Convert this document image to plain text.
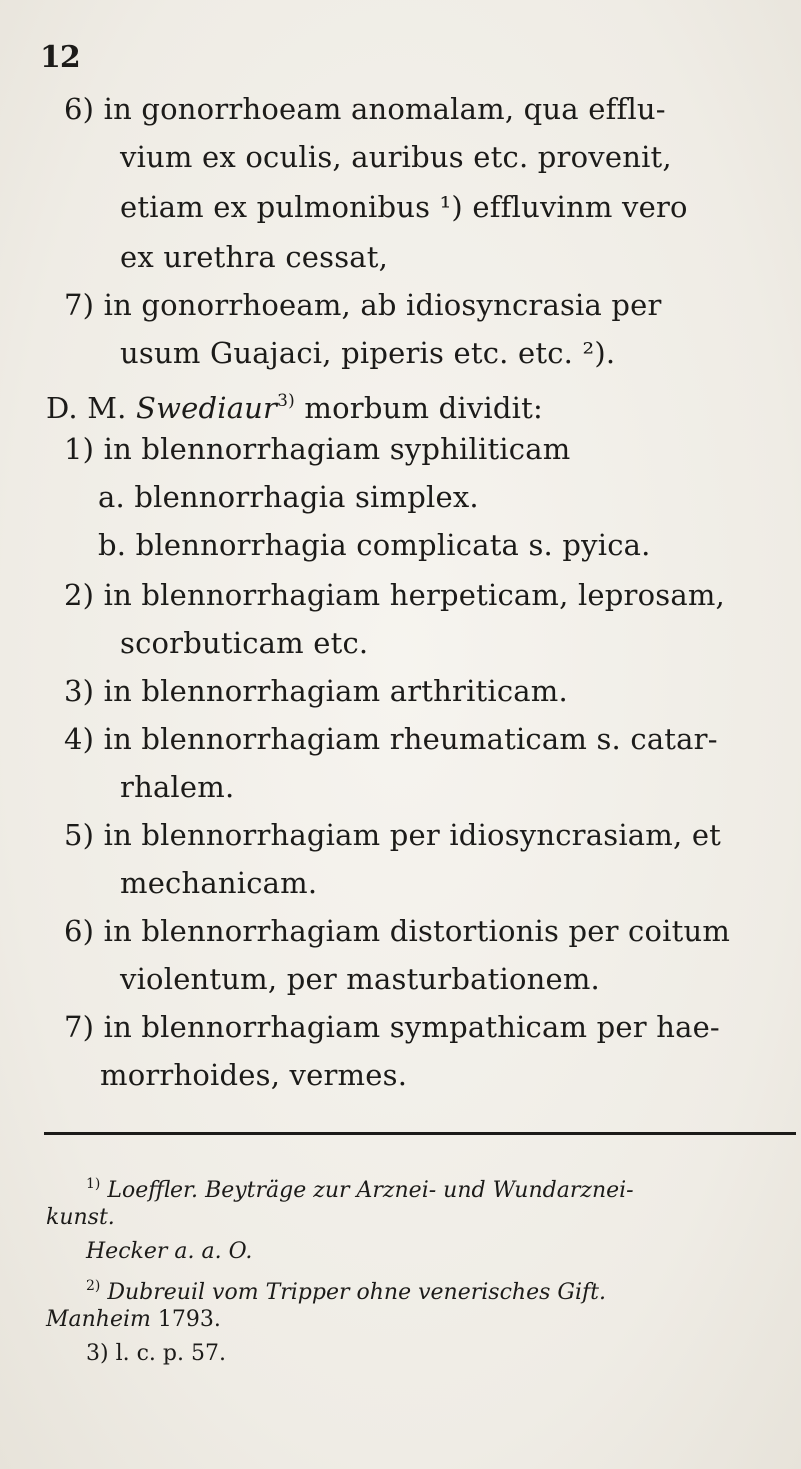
12
6) in gonorrhoeam anomalam, qua efflu-
vium ex oculis, auribus etc. provenit,
etiam ex pulmonibus ¹) effluvinm vero
ex urethra cessat,
7) in gonorrhoeam, ab idiosyncrasia per
usum Guajaci, piperis etc. etc. ²).
D. M. Swediaur$^{3)}$ morbum dividit:
1) in blennorrhagiam syphiliticam
a. blennorrhagia simplex.
b. blennorrhagia complicata s. pyica.
2) in blennorrhagiam herpeticam, leprosam,
scorbuticam etc.
3) in blennorrhagiam arthriticam.
4) in blennorrhagiam rheumaticam s. catar-
rhalem.
5) in blennorrhagiam per idiosyncrasiam, et
mechanicam.
6) in blennorrhagiam distortionis per coitum
violentum, per masturbationem.
7) in blennorrhagiam sympathicam per hae-
morrhoides, vermes.
$^{1)}$ Loeffler. Beyträge zur Arznei- und Wundarznei-
kunst.
Hecker a. a. O.
$^{2)}$ Dubreuil vom Tripper ohne venerisches Gift.
Manheim 1793.
3) l. c. p. 57.
